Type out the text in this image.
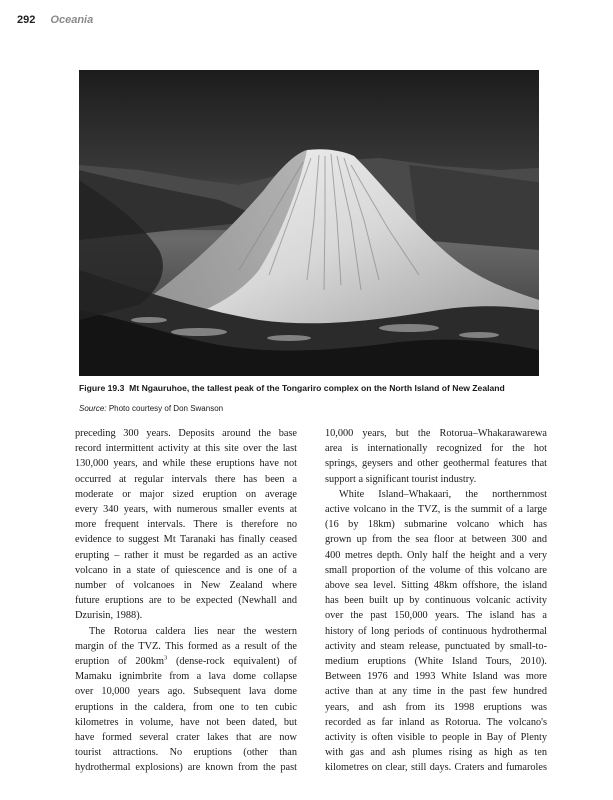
292 Oceania
Figure 19.3 Mt Ngauruhoe, the tallest peak of the Tongariro complex on the North Island of New Zealand
Source: Photo courtesy of Don Swanson

preceding 300 years. Deposits around the base
record intermittent activity at this site over the last
130,000 years, and while these eruptions have not
occurred at regular intervals there has been a
moderate or major sized eruption on average
every 340 years, with numerous smaller events at
more frequent intervals. There is therefore no
evidence to suggest Mt Taranaki has finally ceased
erupting – rather it must be regarded as an active
volcano in a state of quiescence and is one of a
number of volcanoes in New Zealand where
future eruptions are to be expected (Newhall and
Dzurisin, 1988).

The Rotorua caldera lies near the western
margin of the TVZ. This formed as a result of the
eruption of $200km^3$ (dense-rock equivalent) of
Mamaku ignimbrite from a lava dome collapse
over 10,000 years ago. Subsequent lava dome
eruptions in the caldera, from one to ten cubic
kilometres in volume, have not been dated, but
have formed several crater lakes that are now
tourist attractions. No eruptions (other than
hydrothermal explosions) are known from the past

10,000 years, but the Rotorua–Whakarawarewa
area is internationally recognized for the hot
springs, geysers and other geothermal features that
support a significant tourist industry.

White Island–Whakaari, the northernmost
active volcano in the TVZ, is the summit of a large
(16 by 18km) submarine volcano which has
grown up from the sea floor at between 300 and
400 metres depth. Only half the height and a very
small proportion of the volume of this volcano are
above sea level. Sitting 48km offshore, the island
has been built up by continuous volcanic activity
over the past 150,000 years. The island has a
history of long periods of continuous hydrothermal
activity and steam release, punctuated by small-to-
medium eruptions (White Island Tours, 2010).
Between 1976 and 1993 White Island was more
active than at any time in the past few hundred
years, and ash from its 1998 eruptions was
recorded as far inland as Rotorua. The volcano's
activity is often visible to people in Bay of Plenty
with gas and ash plumes rising as high as ten
kilometres on clear, still days. Craters and fumaroles
